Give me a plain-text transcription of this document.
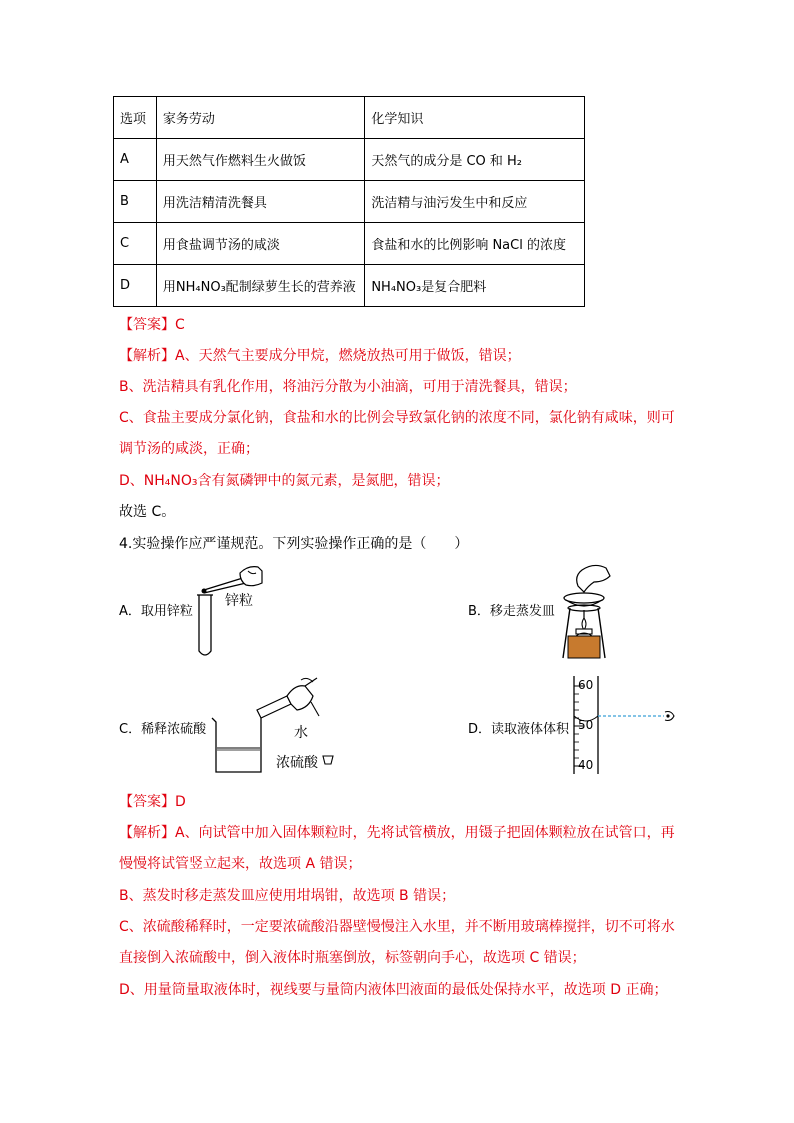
选项	家务劳动	化学知识
A	用天然气作燃料生火做饭	天然气的成分是 CO 和 H₂
B	用洗洁精清洗餐具	洗洁精与油污发生中和反应
C	用食盐调节汤的咸淡	食盐和水的比例影响 NaCl 的浓度
D	用NH₄NO₃配制绿萝生长的营养液	NH₄NO₃是复合肥料
【答案】C
【解析】A、天然气主要成分甲烷，燃烧放热可用于做饭，错误；
B、洗洁精具有乳化作用，将油污分散为小油滴，可用于清洗餐具，错误；
C、食盐主要成分氯化钠，食盐和水的比例会导致氯化钠的浓度不同，氯化钠有咸味，则可
调节汤的咸淡，正确；
D、NH₄NO₃含有氮磷钾中的氮元素，是氮肥，错误；
故选 C。
4.实验操作应严谨规范。下列实验操作正确的是（　　）
A．取用锌粒
锌粒
B．移走蒸发皿
C．稀释浓硫酸	水
浓硫酸
D．读取液体体积
60
50
40
【答案】D
【解析】A、向试管中加入固体颗粒时，先将试管横放，用镊子把固体颗粒放在试管口，再
慢慢将试管竖立起来，故选项 A 错误；
B、蒸发时移走蒸发皿应使用坩埚钳，故选项 B 错误；
C、浓硫酸稀释时，一定要浓硫酸沿器壁慢慢注入水里，并不断用玻璃棒搅拌，切不可将水
直接倒入浓硫酸中，倒入液体时瓶塞倒放，标签朝向手心，故选项 C 错误；
D、用量筒量取液体时，视线要与量筒内液体凹液面的最低处保持水平，故选项 D 正确；
